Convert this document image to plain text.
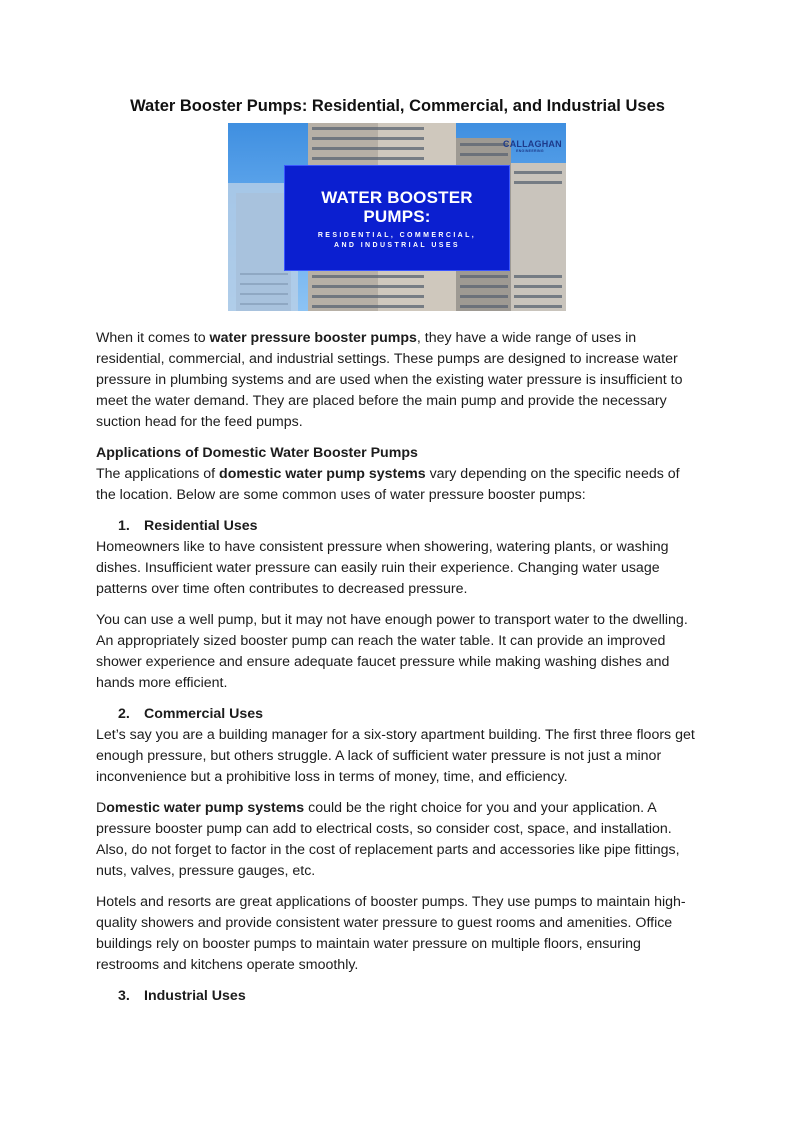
Water Booster Pumps: Residential, Commercial, and Industrial Uses
CALLAGHAN
ENGINEERING
WATER BOOSTER
PUMPS:
RESIDENTIAL, COMMERCIAL,
AND INDUSTRIAL USES

When it comes to water pressure booster pumps, they have a wide range of uses in residential, commercial, and industrial settings. These pumps are designed to increase water pressure in plumbing systems and are used when the existing water pressure is insufficient to meet the water demand. They are placed before the main pump and provide the necessary suction head for the feed pumps.

Applications of Domestic Water Booster Pumps

The applications of domestic water pump systems vary depending on the specific needs of the location. Below are some common uses of water pressure booster pumps:

1. Residential Uses

Homeowners like to have consistent pressure when showering, watering plants, or washing dishes. Insufficient water pressure can easily ruin their experience. Changing water usage patterns over time often contributes to decreased pressure.

You can use a well pump, but it may not have enough power to transport water to the dwelling. An appropriately sized booster pump can reach the water table. It can provide an improved shower experience and ensure adequate faucet pressure while making washing dishes and hands more efficient.

2. Commercial Uses

Let’s say you are a building manager for a six-story apartment building. The first three floors get enough pressure, but others struggle. A lack of sufficient water pressure is not just a minor inconvenience but a prohibitive loss in terms of money, time, and efficiency.

Domestic water pump systems could be the right choice for you and your application. A pressure booster pump can add to electrical costs, so consider cost, space, and installation. Also, do not forget to factor in the cost of replacement parts and accessories like pipe fittings, nuts, valves, pressure gauges, etc.

Hotels and resorts are great applications of booster pumps. They use pumps to maintain high-quality showers and provide consistent water pressure to guest rooms and amenities. Office buildings rely on booster pumps to maintain water pressure on multiple floors, ensuring restrooms and kitchens operate smoothly.

3. Industrial Uses
